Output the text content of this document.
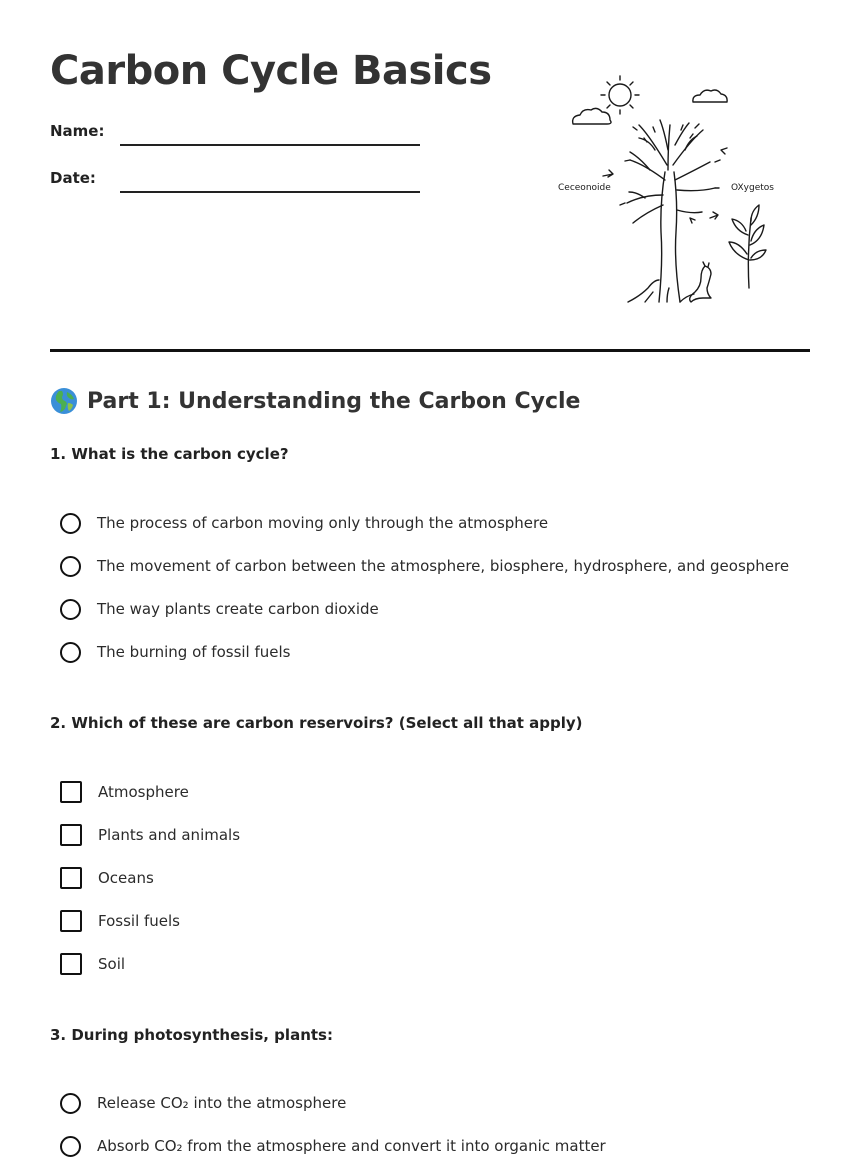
Carbon Cycle Basics
Name:
Date:
Ceceonoide	OXygetos
Part 1: Understanding the Carbon Cycle

1. What is the carbon cycle?

The process of carbon moving only through the atmosphere
The movement of carbon between the atmosphere, biosphere, hydrosphere, and geosphere
The way plants create carbon dioxide
The burning of fossil fuels

2. Which of these are carbon reservoirs? (Select all that apply)

Atmosphere
Plants and animals
Oceans
Fossil fuels
Soil

3. During photosynthesis, plants:

Release CO₂ into the atmosphere
Absorb CO₂ from the atmosphere and convert it into organic matter
